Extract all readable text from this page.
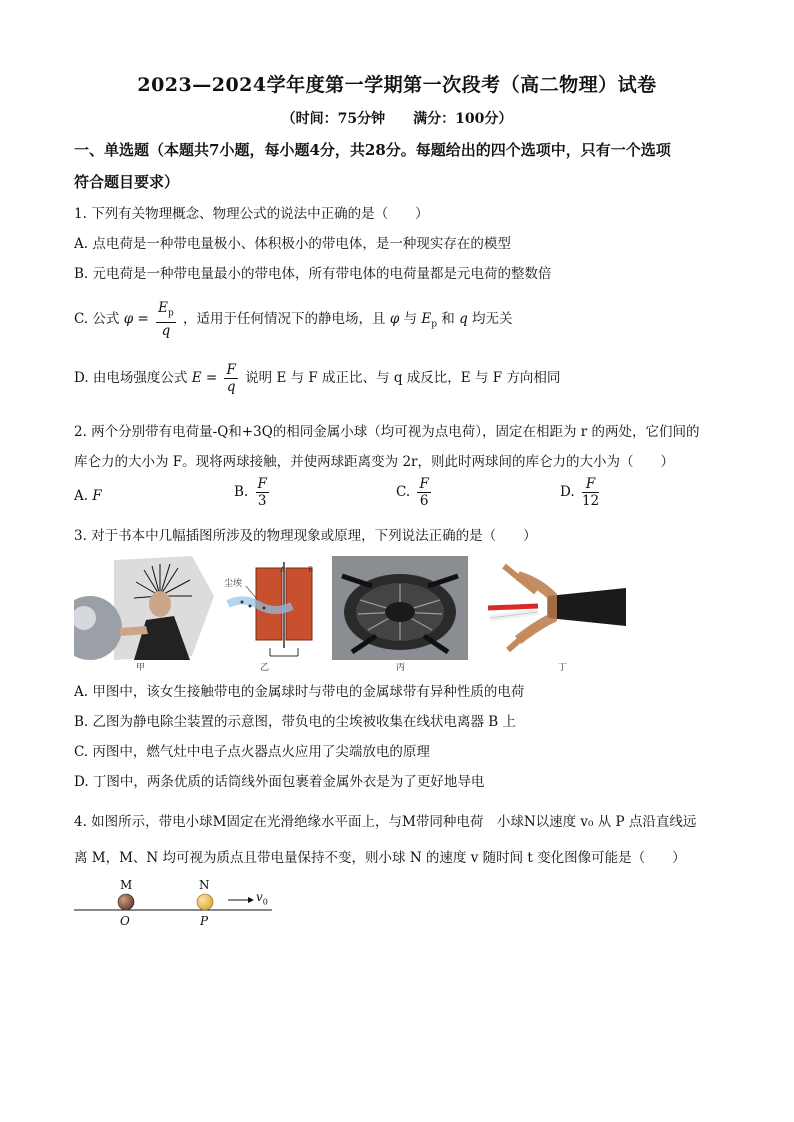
2023—2024学年度第一学期第一次段考（高二物理）试卷
（时间：75分钟　　满分：100分）
一、单选题（本题共7小题，每小题4分，共28分。每题给出的四个选项中，只有一个选项
符合题目要求）
1. 下列有关物理概念、物理公式的说法中正确的是（　　）
A. 点电荷是一种带电量极小、体积极小的带电体，是一种现实存在的模型
B. 元电荷是一种带电量最小的带电体，所有带电体的电荷量都是元电荷的整数倍
C. 公式 $\varphi = \frac{E_p}{q}$ ，适用于任何情况下的静电场，且 φ 与 $E_p$ 和 q 均无关
D. 由电场强度公式 $E = \frac{F}{q}$ 说明 E 与 F 成正比、与 q 成反比，E 与 F 方向相同
2. 两个分别带有电荷量-Q和+3Q的相同金属小球（均可视为点电荷），固定在相距为 r 的两处，它们间的
库仑力的大小为 F。现将两球接触，并使两球距离变为 2r，则此时两球间的库仑力的大小为（　　）
A. F	B. $\frac{F}{3}$	C. $\frac{F}{6}$	D. $\frac{F}{12}$
3. 对于书本中几幅插图所涉及的物理现象或原理，下列说法正确的是（　　）
甲
尘埃
A	B
乙	丙	丁
A. 甲图中，该女生接触带电的金属球时与带电的金属球带有异种性质的电荷
B. 乙图为静电除尘装置的示意图，带负电的尘埃被收集在线状电离器 B 上
C. 丙图中，燃气灶中电子点火器点火应用了尖端放电的原理
D. 丁图中，两条优质的话筒线外面包裹着金属外衣是为了更好地导电
4. 如图所示，带电小球M固定在光滑绝缘水平面上，与M带同种电荷　小球N以速度 v₀ 从 P 点沿直线远
离 M，M、N 均可视为质点且带电量保持不变，则小球 N 的速度 v 随时间 t 变化图像可能是（　　）
M	N
O	P
$v_0$
